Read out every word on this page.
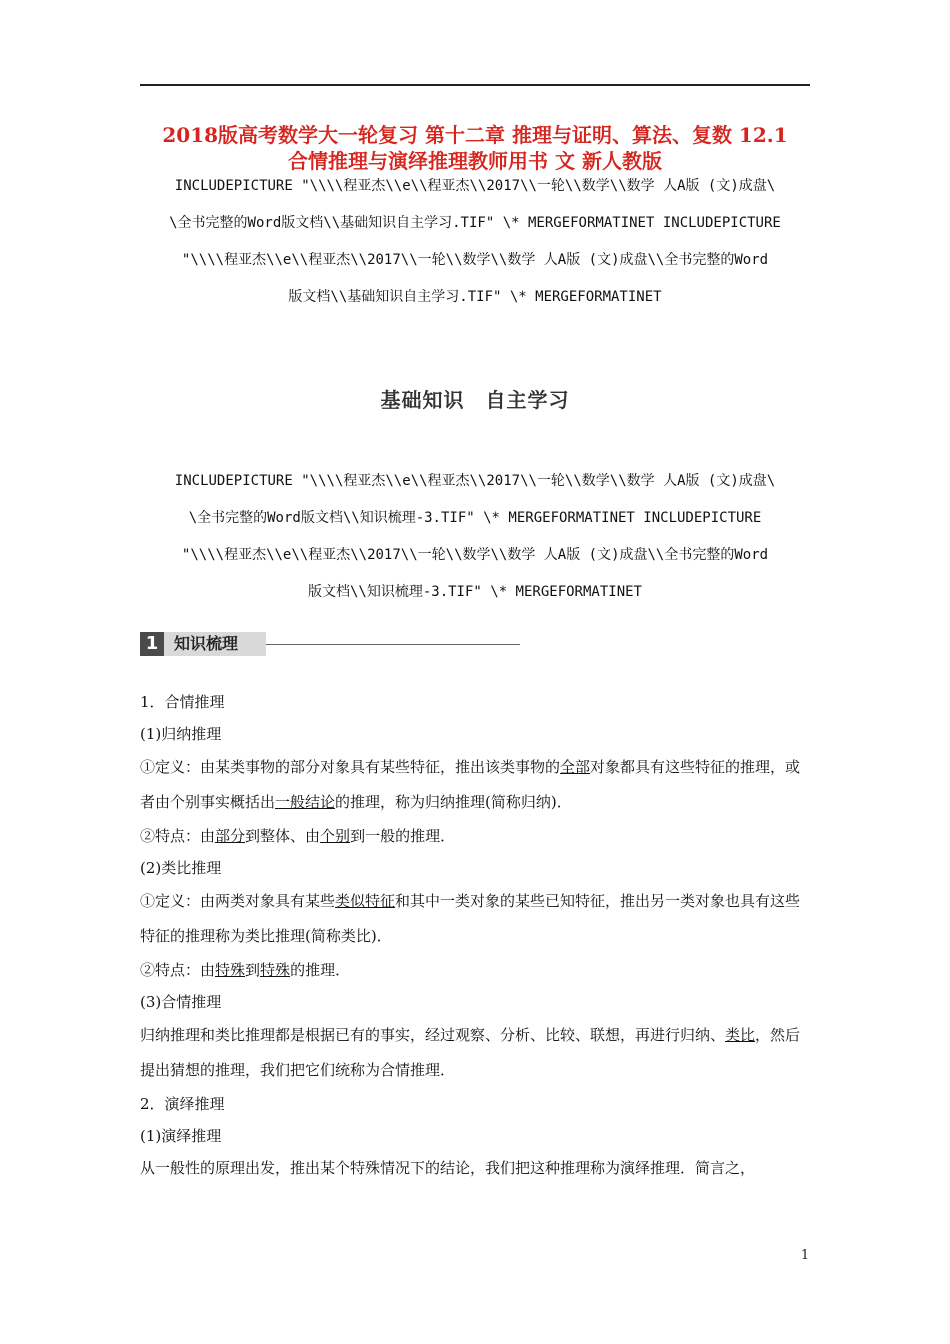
2018版高考数学大一轮复习 第十二章 推理与证明、算法、复数 12.1
合情推理与演绎推理教师用书 文 新人教版
INCLUDEPICTURE "\\\\程亚杰\\e\\程亚杰\\2017\\一轮\\数学\\数学 人A版 (文)成盘\
\全书完整的Word版文档\\基础知识自主学习.TIF" \* MERGEFORMATINET INCLUDEPICTURE
"\\\\程亚杰\\e\\程亚杰\\2017\\一轮\\数学\\数学 人A版 (文)成盘\\全书完整的Word
版文档\\基础知识自主学习.TIF" \* MERGEFORMATINET
基础知识　自主学习
INCLUDEPICTURE "\\\\程亚杰\\e\\程亚杰\\2017\\一轮\\数学\\数学 人A版 (文)成盘\
\全书完整的Word版文档\\知识梳理-3.TIF" \* MERGEFORMATINET INCLUDEPICTURE
"\\\\程亚杰\\e\\程亚杰\\2017\\一轮\\数学\\数学 人A版 (文)成盘\\全书完整的Word
版文档\\知识梳理-3.TIF" \* MERGEFORMATINET
1 知识梳理

1．合情推理

(1)归纳推理

①定义：由某类事物的部分对象具有某些特征，推出该类事物的全部对象都具有这些特征的推理，或者由个别事实概括出一般结论的推理，称为归纳推理(简称归纳)．

②特点：由部分到整体、由个别到一般的推理．

(2)类比推理

①定义：由两类对象具有某些类似特征和其中一类对象的某些已知特征，推出另一类对象也具有这些特征的推理称为类比推理(简称类比)．

②特点：由特殊到特殊的推理．

(3)合情推理

归纳推理和类比推理都是根据已有的事实，经过观察、分析、比较、联想，再进行归纳、类比，然后提出猜想的推理，我们把它们统称为合情推理．

2．演绎推理

(1)演绎推理

从一般性的原理出发，推出某个特殊情况下的结论，我们把这种推理称为演绎推理．简言之，

1
